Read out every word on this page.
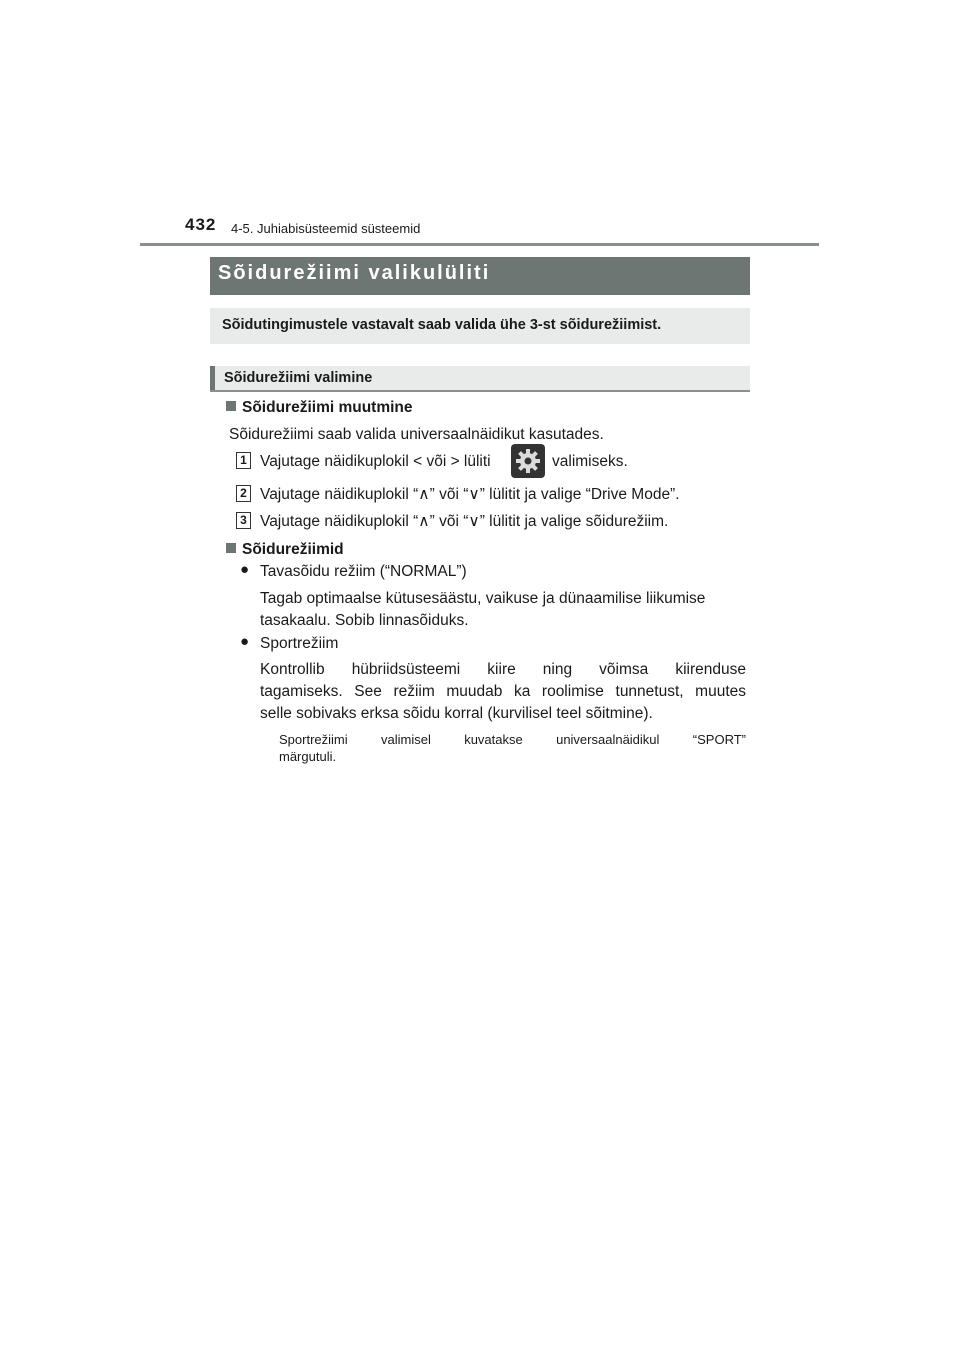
432 4-5. Juhiabisüsteemid süsteemid
Sõidurežiimi valikulüliti
Sõidutingimustele vastavalt saab valida ühe 3-st sõidurežiimist.
Sõidurežiimi valimine
Sõidurežiimi muutmine
Sõidurežiimi saab valida universaalnäidikut kasutades.
1 Vajutage näidikuplokil < või > lüliti	valimiseks.
2 Vajutage näidikuplokil “∧” või “∨” lülitit ja valige “Drive Mode”.
3 Vajutage näidikuplokil “∧” või “∨” lülitit ja valige sõidurežiim.
Sõidurežiimid
● Tavasõidu režiim (“NORMAL”)
Tagab optimaalse kütusesäästu, vaikuse ja dünaamilise liikumise
tasakaalu. Sobib linnasõiduks.
● Sportrežiim
Kontrollib hübriidsüsteemi kiire ning võimsa kiirenduse
tagamiseks. See režiim muudab ka roolimise tunnetust, muutes
selle sobivaks erksa sõidu korral (kurvilisel teel sõitmine).
Sportrežiimi valimisel kuvatakse universaalnäidikul “SPORT”
märgutuli.
